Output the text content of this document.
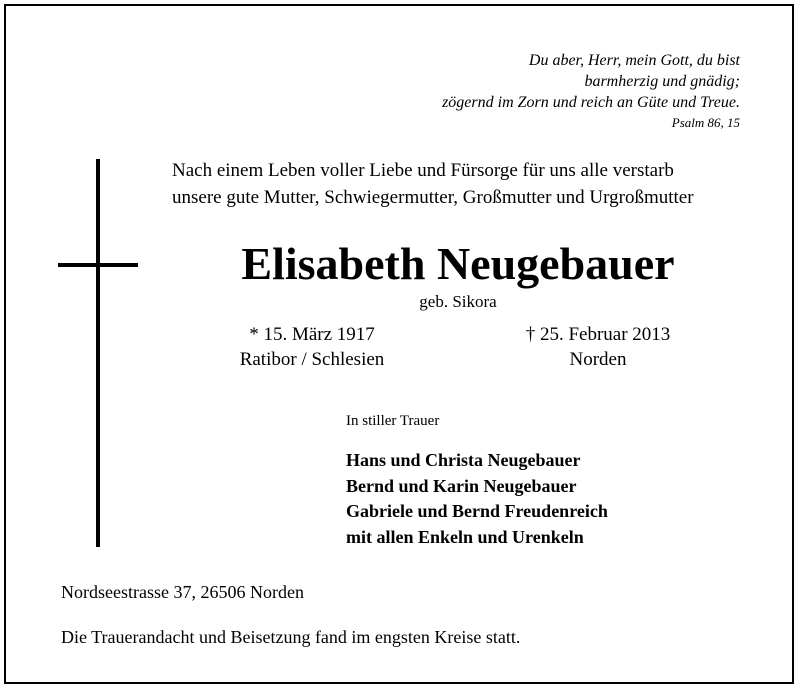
Du aber, Herr, mein Gott, du bist
barmherzig und gnädig;
zögernd im Zorn und reich an Güte und Treue.
Psalm 86, 15
Nach einem Leben voller Liebe und Fürsorge für uns alle verstarb
unsere gute Mutter, Schwiegermutter, Großmutter und Urgroßmutter
Elisabeth Neugebauer
geb. Sikora
* 15. März 1917
Ratibor / Schlesien
† 25. Februar 2013
Norden
In stiller Trauer
Hans und Christa Neugebauer
Bernd und Karin Neugebauer
Gabriele und Bernd Freudenreich
mit allen Enkeln und Urenkeln
Nordseestrasse 37, 26506 Norden
Die Trauerandacht und Beisetzung fand im engsten Kreise statt.
